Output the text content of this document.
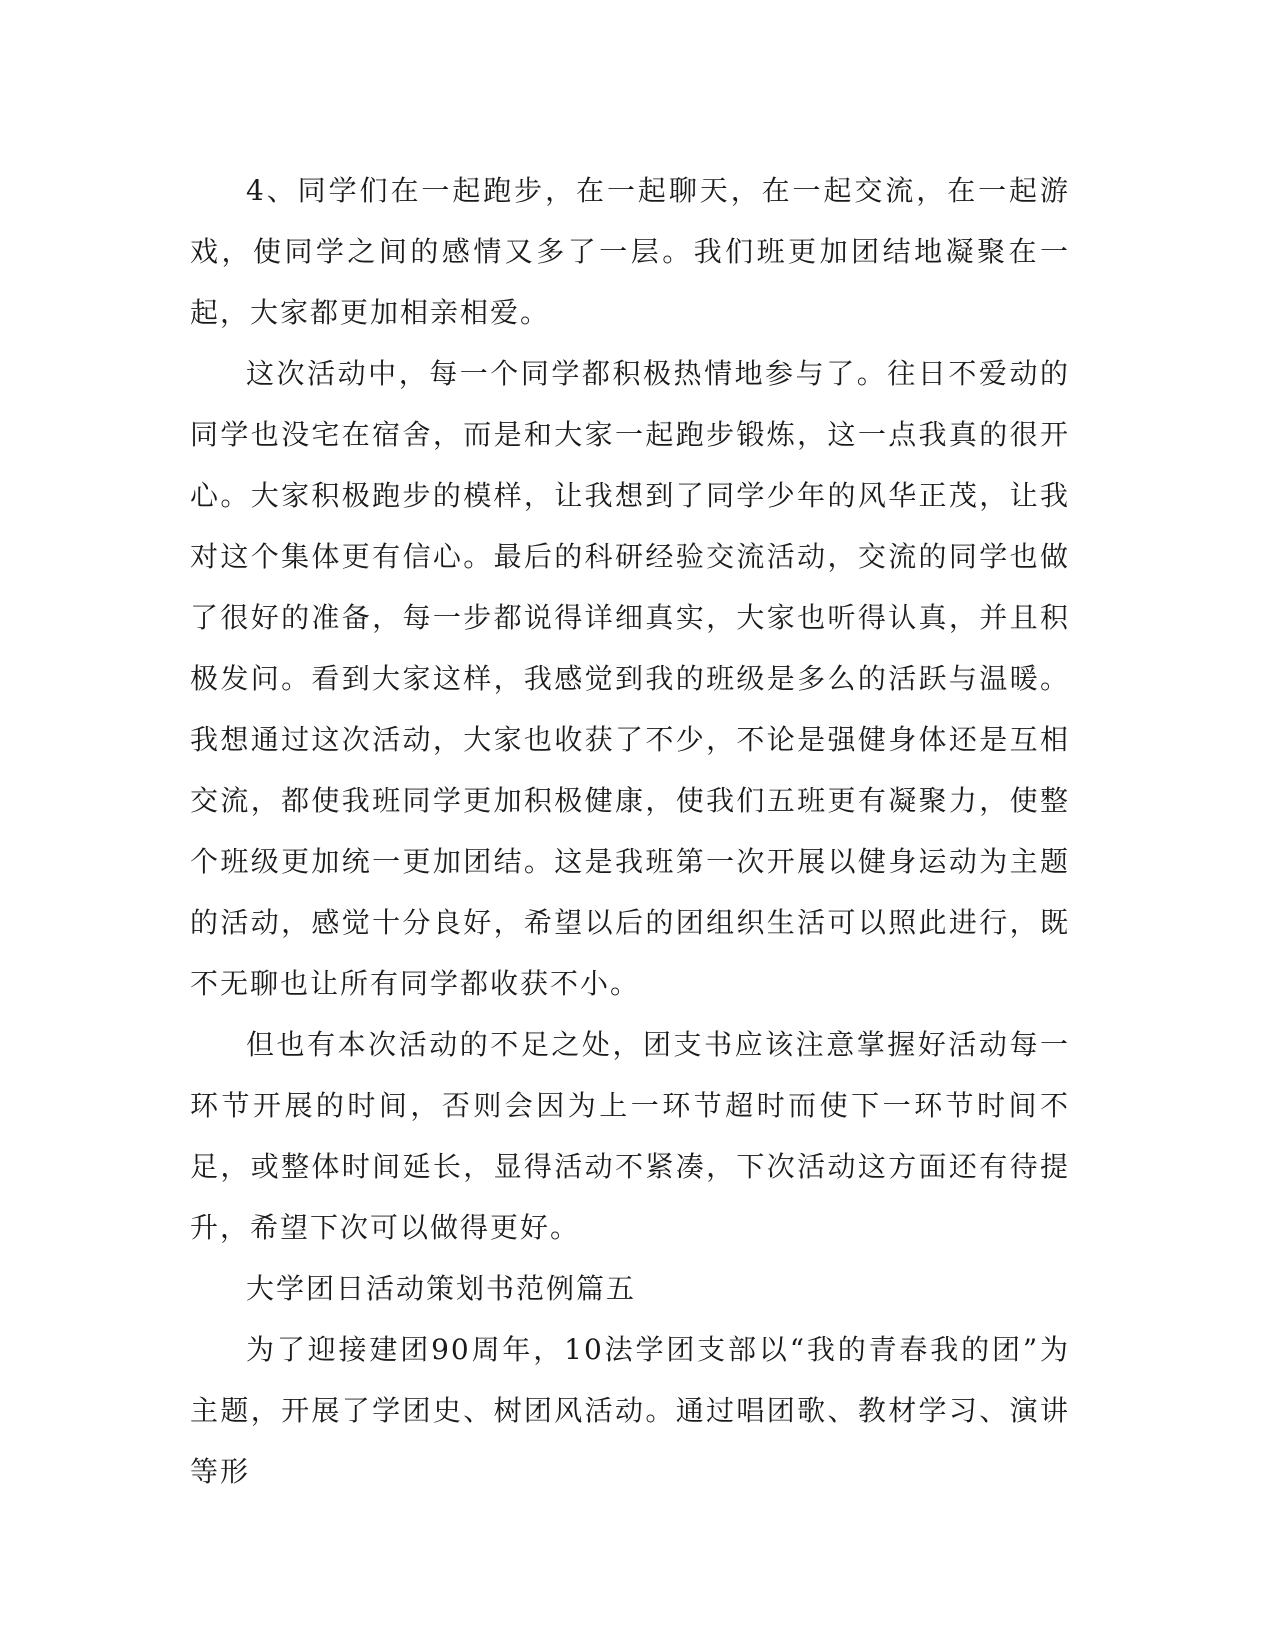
4、同学们在一起跑步，在一起聊天，在一起交流，在一起游戏，使同学之间的感情又多了一层。我们班更加团结地凝聚在一起，大家都更加相亲相爱。

这次活动中，每一个同学都积极热情地参与了。往日不爱动的同学也没宅在宿舍，而是和大家一起跑步锻炼，这一点我真的很开心。大家积极跑步的模样，让我想到了同学少年的风华正茂，让我对这个集体更有信心。最后的科研经验交流活动，交流的同学也做了很好的准备，每一步都说得详细真实，大家也听得认真，并且积极发问。看到大家这样，我感觉到我的班级是多么的活跃与温暖。我想通过这次活动，大家也收获了不少，不论是强健身体还是互相交流，都使我班同学更加积极健康，使我们五班更有凝聚力，使整个班级更加统一更加团结。这是我班第一次开展以健身运动为主题的活动，感觉十分良好，希望以后的团组织生活可以照此进行，既不无聊也让所有同学都收获不小。

但也有本次活动的不足之处，团支书应该注意掌握好活动每一环节开展的时间，否则会因为上一环节超时而使下一环节时间不足，或整体时间延长，显得活动不紧凑，下次活动这方面还有待提升，希望下次可以做得更好。

大学团日活动策划书范例篇五

为了迎接建团90周年，10法学团支部以“我的青春我的团”为主题，开展了学团史、树团风活动。通过唱团歌、教材学习、演讲等形
